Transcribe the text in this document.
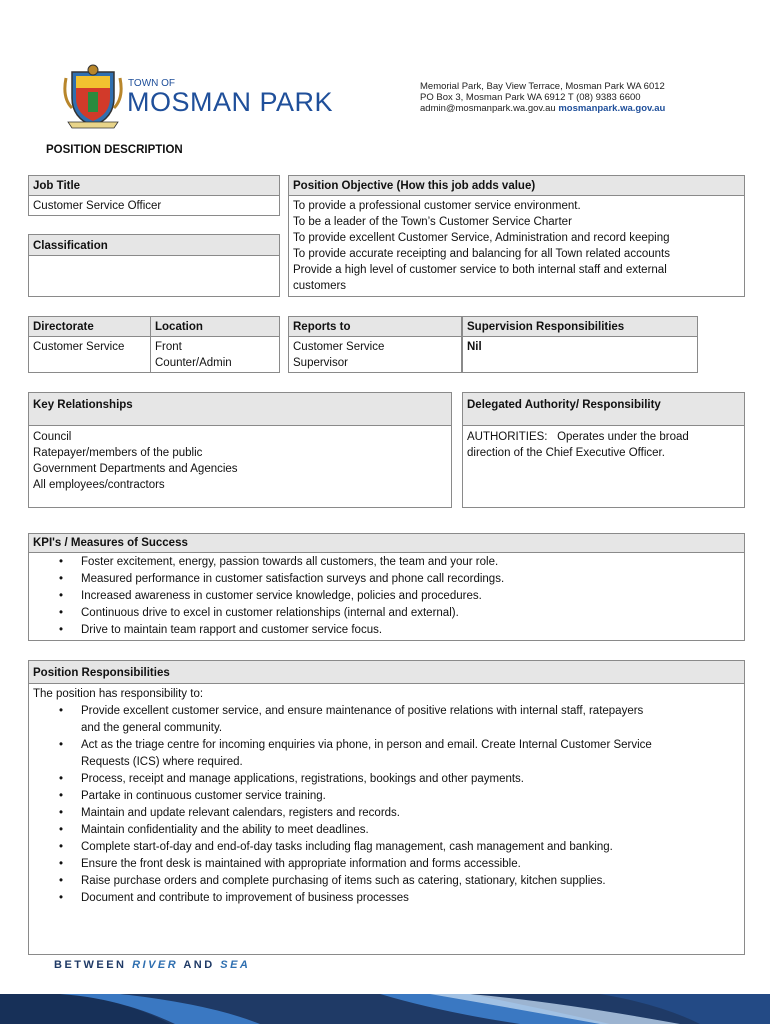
TOWN OF
MOSMAN PARK
Memorial Park, Bay View Terrace, Mosman Park WA 6012
PO Box 3, Mosman Park WA 6912 T (08) 9383 6600
admin@mosmanpark.wa.gov.au mosmanpark.wa.gov.au
POSITION DESCRIPTION
Job Title
Customer Service Officer
Classification
Position Objective (How this job adds value)
To provide a professional customer service environment.
To be a leader of the Town’s Customer Service Charter
To provide excellent Customer Service, Administration and record keeping
To provide accurate receipting and balancing for all Town related accounts
Provide a high level of customer service to both internal staff and external
customers
Directorate
Customer Service
Location
Front
Counter/Admin
Reports to
Customer Service
Supervisor
Supervision Responsibilities
Nil
Key Relationships
Council
Ratepayer/members of the public
Government Departments and Agencies
All employees/contractors
Delegated Authority/ Responsibility
AUTHORITIES:   Operates under the broad
direction of the Chief Executive Officer.
KPI's / Measures of Success
• Foster excitement, energy, passion towards all customers, the team and your role.
• Measured performance in customer satisfaction surveys and phone call recordings.
• Increased awareness in customer service knowledge, policies and procedures.
• Continuous drive to excel in customer relationships (internal and external).
• Drive to maintain team rapport and customer service focus.
Position Responsibilities
The position has responsibility to:
• Provide excellent customer service, and ensure maintenance of positive relations with internal staff, ratepayers
and the general community.
• Act as the triage centre for incoming enquiries via phone, in person and email. Create Internal Customer Service
Requests (ICS) where required.
• Process, receipt and manage applications, registrations, bookings and other payments.
• Partake in continuous customer service training.
• Maintain and update relevant calendars, registers and records.
• Maintain confidentiality and the ability to meet deadlines.
• Complete start-of-day and end-of-day tasks including flag management, cash management and banking.
• Ensure the front desk is maintained with appropriate information and forms accessible.
• Raise purchase orders and complete purchasing of items such as catering, stationary, kitchen supplies.
• Document and contribute to improvement of business processes
BETWEEN RIVER AND SEA
